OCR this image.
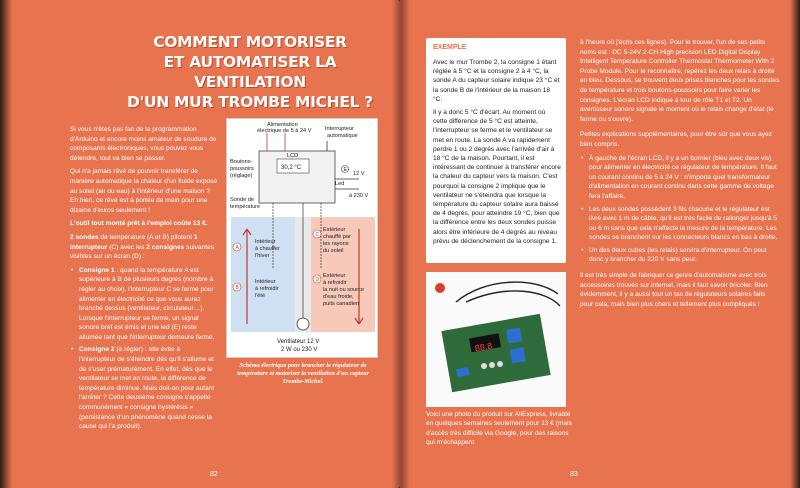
COMMENT MOTORISER
ET AUTOMATISER LA VENTILATION
D'UN MUR TROMBE MICHEL ?

Si vous n'êtes pas fan de la programmation d'Arduino et encore moins amateur de soudure de composants électroniques, vous pouvez vous détendre, tout va bien se passer.

Qui n'a jamais rêvé de pouvoir transférer de manière automatique la chaleur d'un fluide exposé au soleil (air ou eau) à l'intérieur d'une maison ? Eh bien, ce rêve est à portée de main pour une dizaine d'euros seulement !

L'outil tout monté prêt à l'emploi coûte 13 €.

2 sondes de température (A et B) pilotent 1 interrupteur (C) avec les 2 consignes suivantes visibles sur un écran (D) :

• Consigne 1 : quand la température A est supérieure à B de plusieurs degrés (nombre à régler au choix), l'interrupteur C se ferme pour alimenter en électricité ce que vous aurez branché dessus (ventilateur, circulateur…). Lorsque l'interrupteur se ferme, un signal sonore bref est émis et une led (E) reste allumée tant que l'interrupteur demeure fermé.
• Consigne 2 (à régler) : elle évite à l'interrupteur de s'éteindre dès qu'il s'allume et de s'user prématurément. En effet, dès que le ventilateur se met en route, la différence de température diminue. Mais doit-on pour autant l'arrêter ? Cette deuxième consigne s'appelle communément « consigne hystérésis » (persistance d'un phénomène quand cesse la cause qui l'a produit).
Alimentation
électrique de 5 à 24 V Interrupteur
automatique
Boutons-
poussoirs
(réglage)
LCD
30,2 °C
Led
12 V
à 230 V
Sonde de
température
A
B
C
D
E
Intérieur
à chauffer
l'hiver
Intérieur
à refroidir
l'été
Extérieur
chauffé par
les rayons
du soleil
Extérieur
à refroidir
la nuit ou source
d'eau froide,
puits canadien
Ventilateur 12 V
2 W ou 230 V
Schéma électrique pour brancher le régulateur de température et motoriser la ventilation d'un capteur Trombe-Michel.
82
EXEMPLE

Avec le mur Trombe 2, la consigne 1 étant réglée à 5 °C et la consigne 2 à 4 °C, la sonde A du capteur solaire indique 23 °C et la sonde B de l'intérieur de la maison 18 °C.

Il y a donc 5 °C d'écart. Au moment où cette différence de 5 °C est atteinte, l'interrupteur se ferme et le ventilateur se met en route. La sonde A va rapidement perdre 1 ou 2 degrés avec l'arrivée d'air à 18 °C de la maison. Pourtant, il est intéressant de continuer à transférer encore la chaleur du capteur vers la maison. C'est pourquoi la consigne 2 implique que le ventilateur ne s'éteindra que lorsque la température du capteur solaire aura baissé de 4 degrés, pour atteindre 19 °C, bien que la différence entre les deux sondes puisse alors être inférieure de 4 degrés au niveau prévu de déclenchement de la consigne 1.

88.8
Voici une photo du produit sur AliExpress, livrable en quelques semaines seulement pour 13 € (mais d'accès très difficile via Google, pour des raisons qui m'échappent

à l'heure où j'écris ces lignes). Pour le trouver, l'un de ses petits noms est : DC 5-24V 2-CH High precision LED Digital Display Intelligent Temperature Controller Thermostat Thermometer With 2 Probe Module. Pour le reconnaître, repérez les deux relais à droite en bleu. Dessous, se trouvent deux prises blanches pour les sondes de température et trois boutons-poussoirs pour faire varier les consignes. L'écran LCD indique à tour de rôle T1 et T2. Un avertisseur sonore signale le moment où le relais change d'état (le ferme ou s'ouvre).

Petites explications supplémentaires, pour être sûr que vous ayez bien compris.

• À gauche de l'écran LCD, il y a un bornier (bleu avec deux vis) pour alimenter en électricité ce régulateur de température. Il faut un courant continu de 5 à 24 V : n'importe quel transformateur d'alimentation en courant continu dans cette gamme de voltage fera l'affaire.
• Les deux sondes possèdent 3 fils chacune et le régulateur est livré avec 1 m de câble, qu'il est très facile de rallonger jusqu'à 5 ou 6 m sans que cela n'affecte la mesure de la température. Les sondes se branchent sur les connecteurs blancs en bas à droite.
• Un des deux cubes (les relais) servira d'interrupteur. On peut donc y brancher du 220 V sans peur.

Il est très simple de fabriquer ce genre d'automatisme avec trois accessoires trouvés sur internet, mais il faut savoir bricoler. Bien évidemment, il y a aussi tout un tas de régulateurs solaires faits pour cela, mais bien plus chers et tellement plus compliqués !

83
